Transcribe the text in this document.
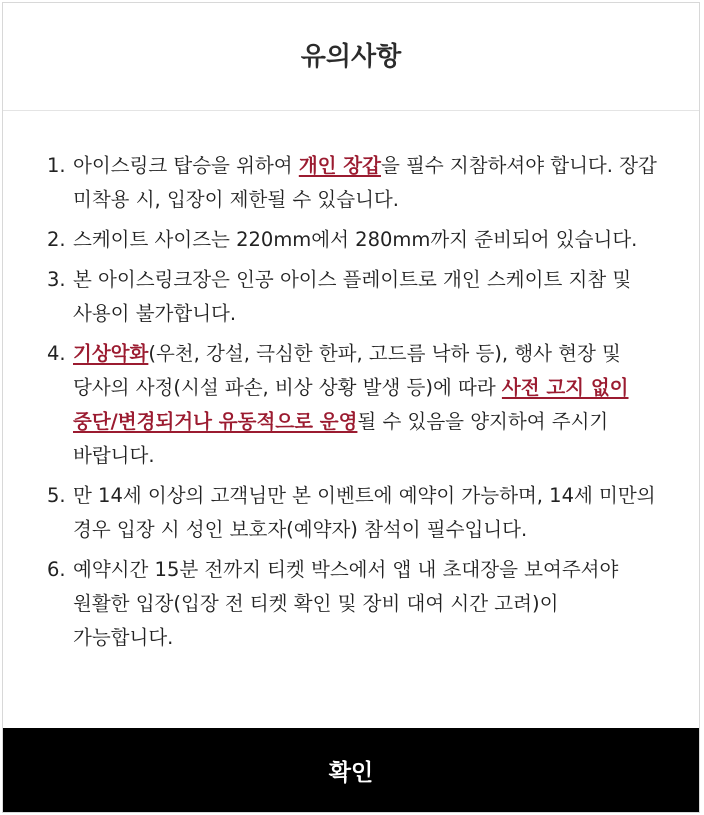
유의사항
1. 아이스링크 탑승을 위하여 개인 장갑을 필수 지참하셔야 합니다. 장갑 미착용 시, 입장이 제한될 수 있습니다.
2. 스케이트 사이즈는 220mm에서 280mm까지 준비되어 있습니다.
3. 본 아이스링크장은 인공 아이스 플레이트로 개인 스케이트 지참 및 사용이 불가합니다.
4. 기상악화(우천, 강설, 극심한 한파, 고드름 낙하 등), 행사 현장 및 당사의 사정(시설 파손, 비상 상황 발생 등)에 따라 사전 고지 없이 중단/변경되거나 유동적으로 운영될 수 있음을 양지하여 주시기 바랍니다.
5. 만 14세 이상의 고객님만 본 이벤트에 예약이 가능하며, 14세 미만의 경우 입장 시 성인 보호자(예약자) 참석이 필수입니다.
6. 예약시간 15분 전까지 티켓 박스에서 앱 내 초대장을 보여주셔야 원활한 입장(입장 전 티켓 확인 및 장비 대여 시간 고려)이 가능합니다.
확인
